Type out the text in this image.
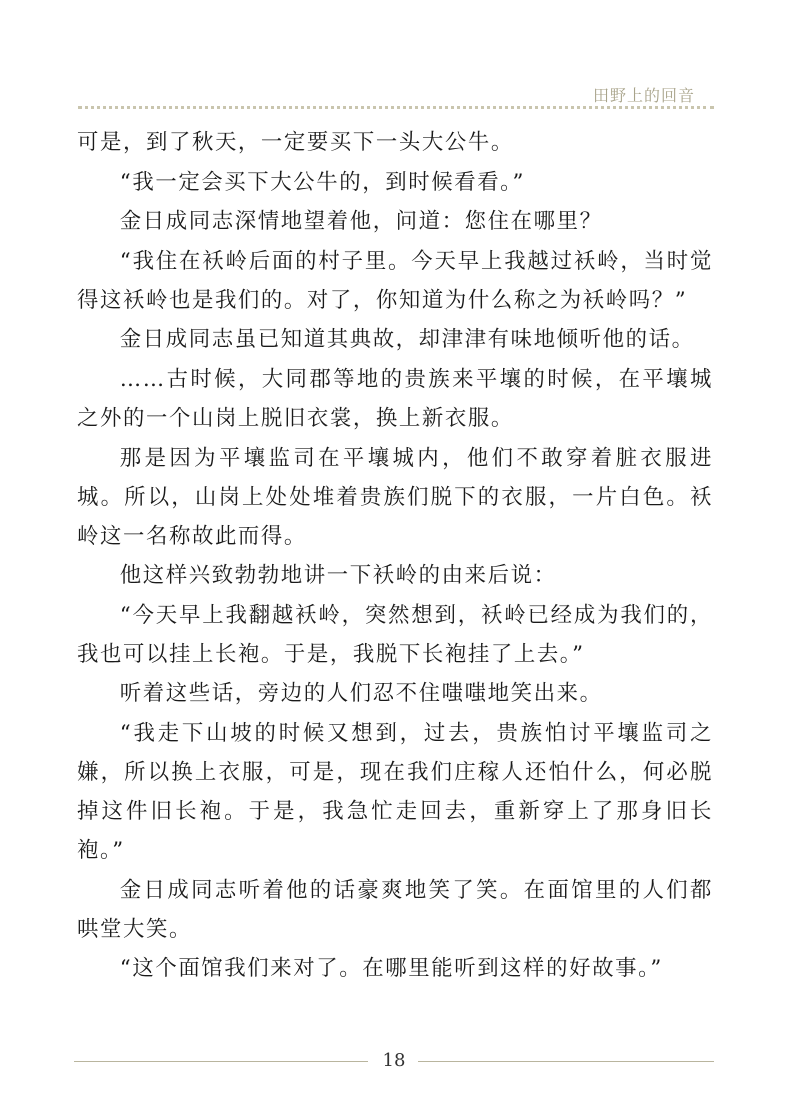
田野上的回音

可是，到了秋天，一定要买下一头大公牛。

“我一定会买下大公牛的，到时候看看。”

金日成同志深情地望着他，问道：您住在哪里？

“我住在袄岭后面的村子里。今天早上我越过袄岭，当时觉得这袄岭也是我们的。对了，你知道为什么称之为袄岭吗？”

金日成同志虽已知道其典故，却津津有味地倾听他的话。

……古时候，大同郡等地的贵族来平壤的时候，在平壤城之外的一个山岗上脱旧衣裳，换上新衣服。

那是因为平壤监司在平壤城内，他们不敢穿着脏衣服进城。所以，山岗上处处堆着贵族们脱下的衣服，一片白色。袄岭这一名称故此而得。

他这样兴致勃勃地讲一下袄岭的由来后说：

“今天早上我翻越袄岭，突然想到，袄岭已经成为我们的，我也可以挂上长袍。于是，我脱下长袍挂了上去。”

听着这些话，旁边的人们忍不住嗤嗤地笑出来。

“我走下山坡的时候又想到，过去，贵族怕讨平壤监司之嫌，所以换上衣服，可是，现在我们庄稼人还怕什么，何必脱掉这件旧长袍。于是，我急忙走回去，重新穿上了那身旧长袍。”

金日成同志听着他的话豪爽地笑了笑。在面馆里的人们都哄堂大笑。

“这个面馆我们来对了。在哪里能听到这样的好故事。”

18
